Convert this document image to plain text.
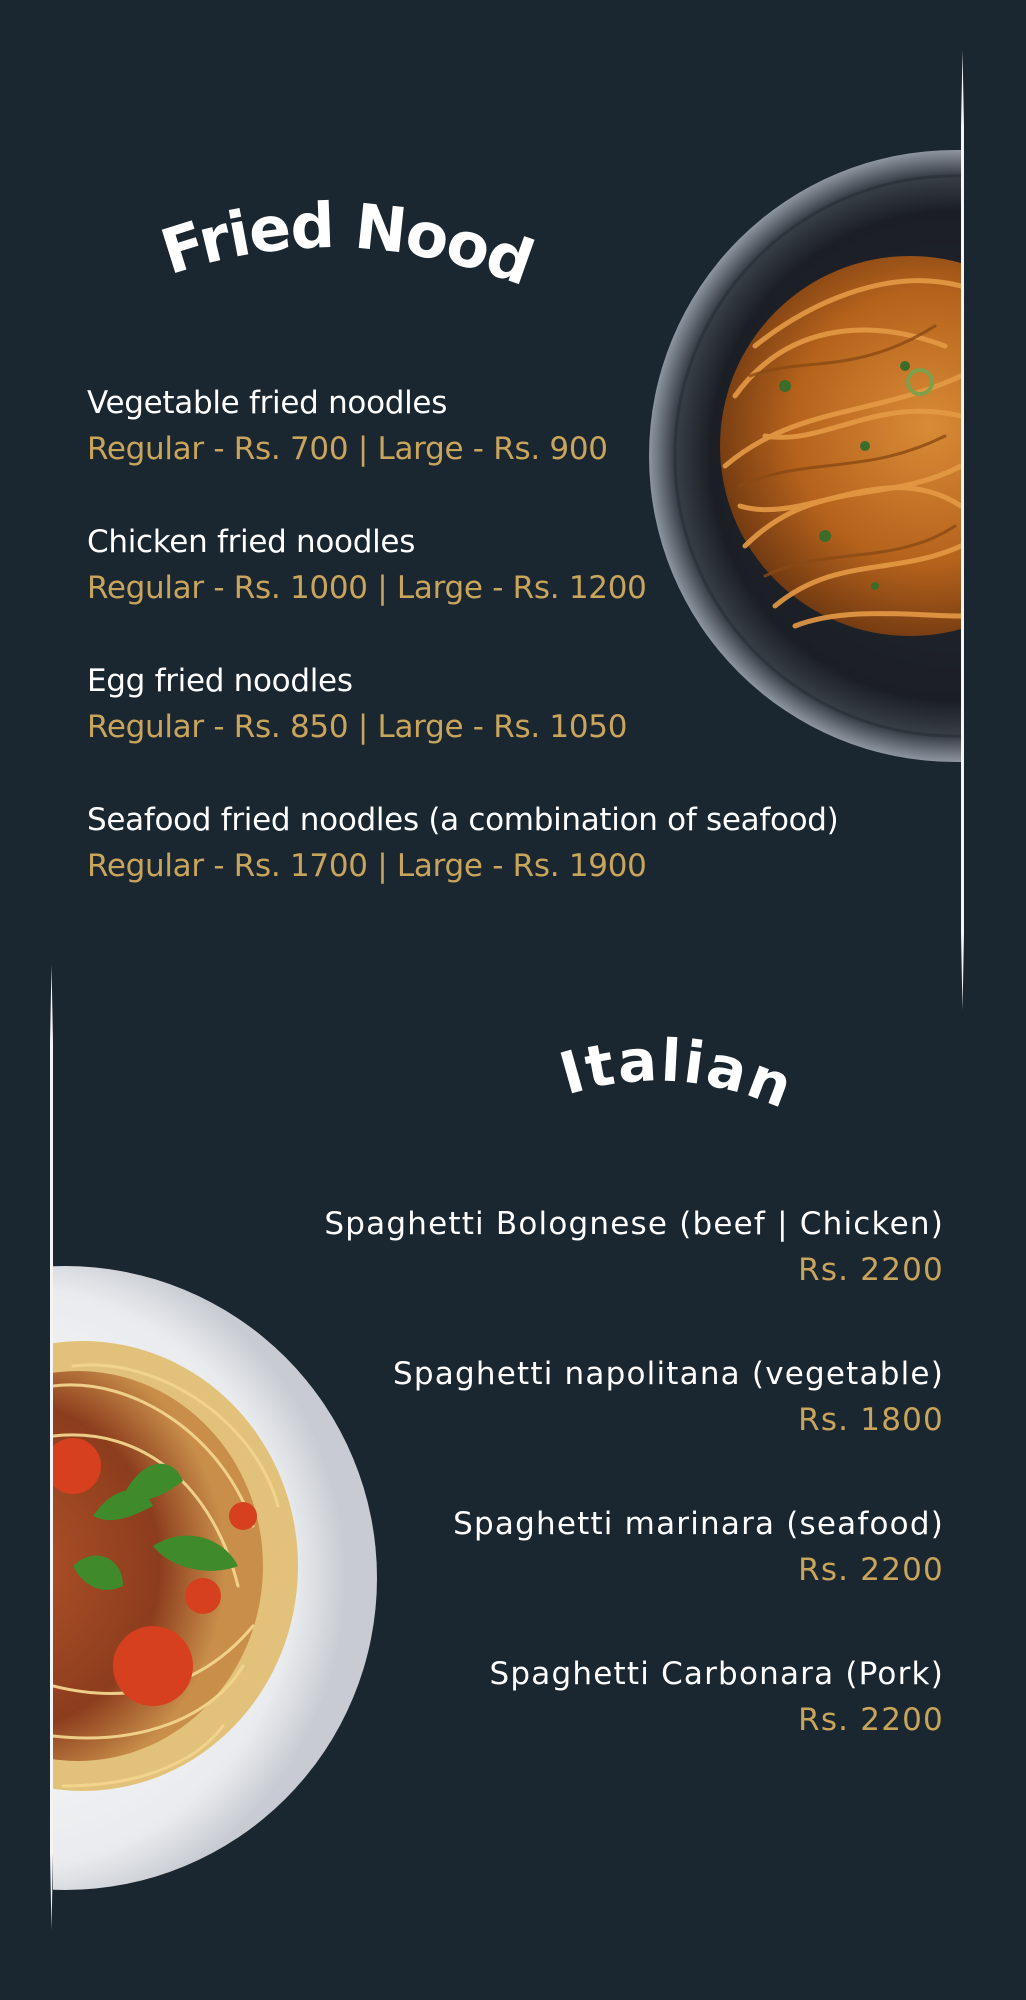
Fried Noodles
Vegetable fried noodles
Regular - Rs. 700 | Large - Rs. 900
Chicken fried noodles
Regular - Rs. 1000 | Large - Rs. 1200
Egg fried noodles
Regular - Rs. 850 | Large - Rs. 1050
Seafood fried noodles (a combination of seafood)
Regular - Rs. 1700 | Large - Rs. 1900
Italian
Spaghetti Bolognese (beef | Chicken)
Rs. 2200
Spaghetti napolitana (vegetable)
Rs. 1800
Spaghetti marinara (seafood)
Rs. 2200
Spaghetti Carbonara (Pork)
Rs. 2200
